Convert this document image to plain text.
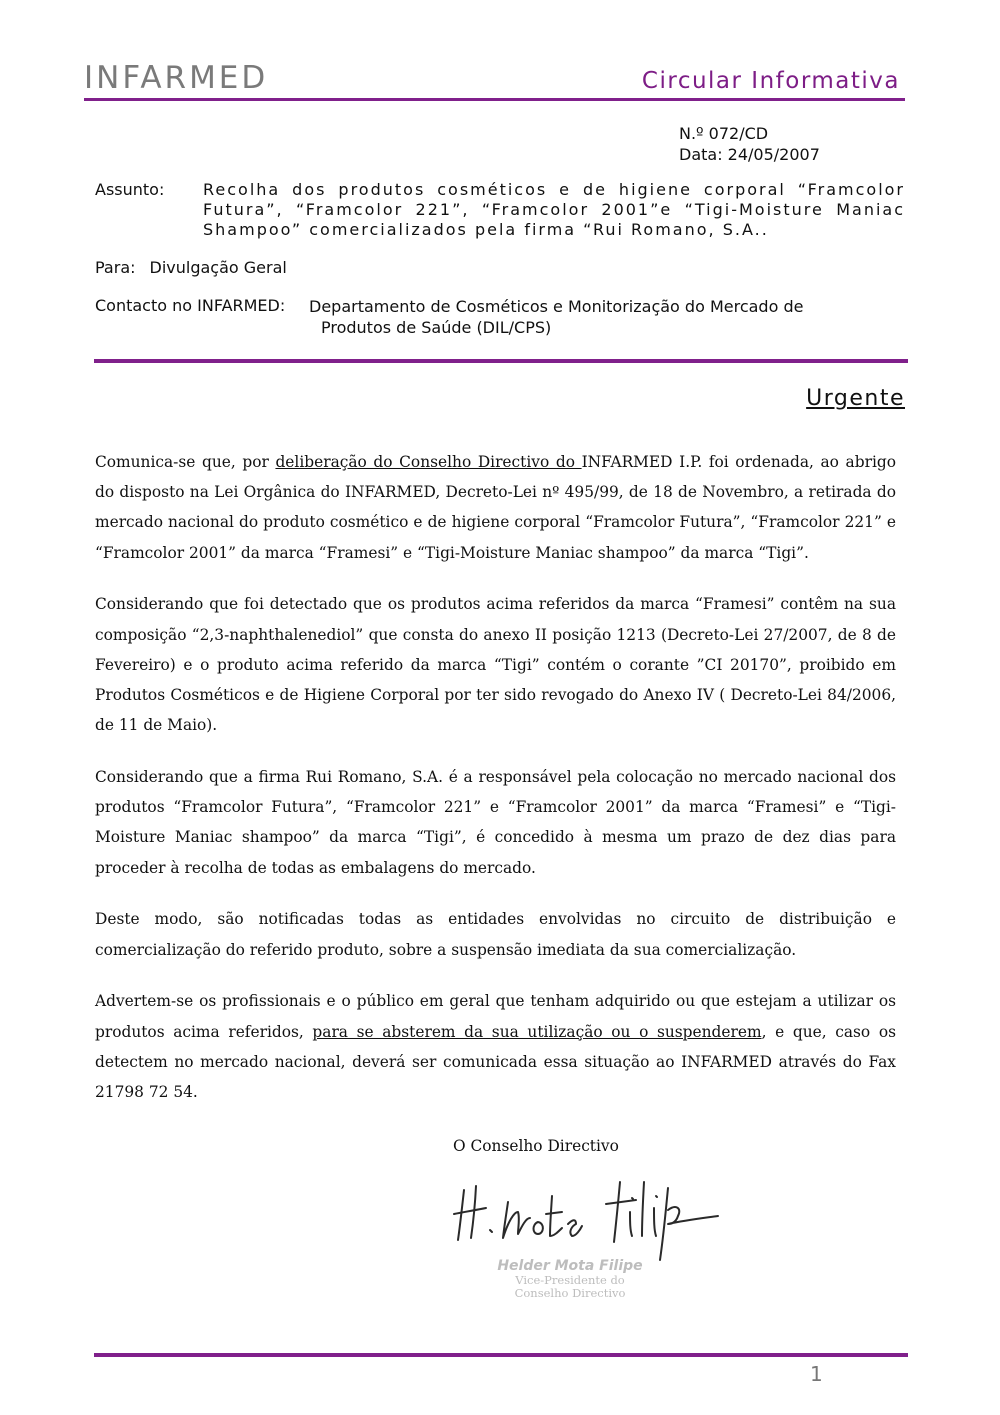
INFARMED	Circular Informativa
N.º 072/CD
Data: 24/05/2007
Assunto: Recolha dos produtos cosméticos e de higiene corporal “Framcolor Futura”, “Framcolor 221”, “Framcolor 2001”e “Tigi-Moisture Maniac Shampoo” comercializados pela firma “Rui Romano, S.A..
Para: Divulgação Geral
Contacto no INFARMED: Departamento de Cosméticos e Monitorização do Mercado de
Produtos de Saúde (DIL/CPS)
Urgente

Comunica-se que, por deliberação do Conselho Directivo do INFARMED I.P. foi ordenada, ao abrigo do disposto na Lei Orgânica do INFARMED, Decreto-Lei nº 495/99, de 18 de Novembro, a retirada do mercado nacional do produto cosmético e de higiene corporal “Framcolor Futura”, “Framcolor 221” e “Framcolor 2001” da marca “Framesi” e “Tigi-Moisture Maniac shampoo” da marca “Tigi”.

Considerando que foi detectado que os produtos acima referidos da marca “Framesi” contêm na sua composição “2,3-naphthalenediol” que consta do anexo II posição 1213 (Decreto-Lei 27/2007, de 8 de Fevereiro) e o produto acima referido da marca “Tigi” contém o corante ”CI 20170”, proibido em Produtos Cosméticos e de Higiene Corporal por ter sido revogado do Anexo IV ( Decreto-Lei 84/2006, de 11 de Maio).

Considerando que a firma Rui Romano, S.A. é a responsável pela colocação no mercado nacional dos produtos “Framcolor Futura”, “Framcolor 221” e “Framcolor 2001” da marca “Framesi” e “Tigi-Moisture Maniac shampoo” da marca “Tigi”, é concedido à mesma um prazo de dez dias para proceder à recolha de todas as embalagens do mercado.

Deste modo, são notificadas todas as entidades envolvidas no circuito de distribuição e comercialização do referido produto, sobre a suspensão imediata da sua comercialização.

Advertem-se os profissionais e o público em geral que tenham adquirido ou que estejam a utilizar os produtos acima referidos, para se absterem da sua utilização ou o suspenderem, e que, caso os detectem no mercado nacional, deverá ser comunicada essa situação ao INFARMED através do Fax 21798 72 54.

O Conselho Directivo
Helder Mota Filipe
Vice-Presidente do
Conselho Directivo
1
